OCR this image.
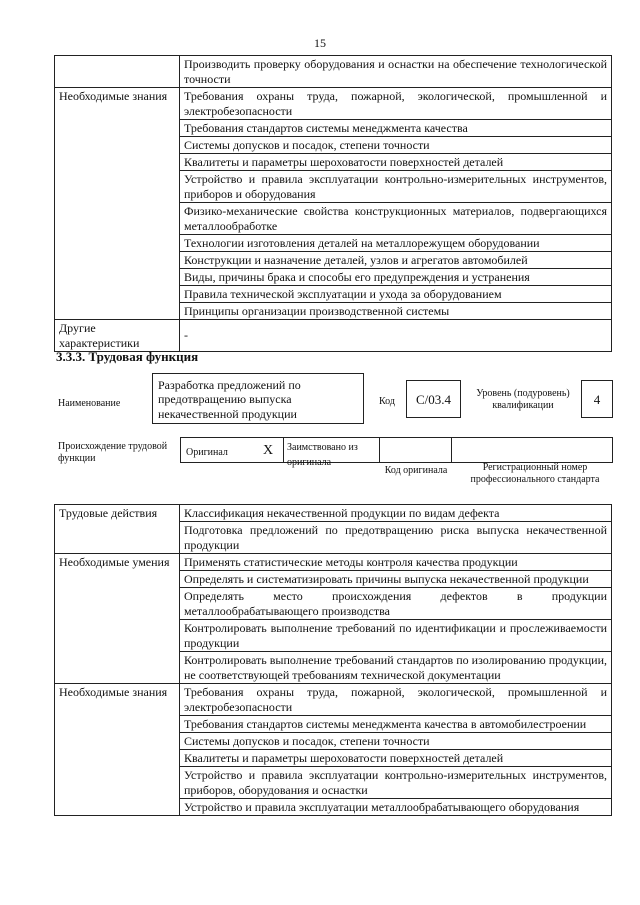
15
	Производить проверку оборудования и оснастки на обеспечение технологической точности
Необходимые знания	Требования охраны труда, пожарной, экологической, промышленной и электробезопасности
	Требования стандартов системы менеджмента качества
	Системы допусков и посадок, степени точности
	Квалитеты и параметры шероховатости поверхностей деталей
	Устройство и правила эксплуатации контрольно-измерительных инструментов, приборов и оборудования
	Физико-механические свойства конструкционных материалов, подвергающихся металлообработке
	Технологии изготовления деталей на металлорежущем оборудовании
	Конструкции и назначение деталей, узлов и агрегатов автомобилей
	Виды, причины брака и способы его предупреждения и устранения
	Правила технической эксплуатации и ухода за оборудованием
	Принципы организации производственной системы
Другие характеристики	-
3.3.3. Трудовая функция
Наименование
Разработка предложений по предотвращению выпуска некачественной продукции
Код	С/03.4	Уровень (подуровень) квалификации	4
Происхождение трудовой функции
Оригинал	X	Заимствовано из оригинала
Код оригинала	Регистрационный номер профессионального стандарта
Трудовые действия	Классификация некачественной продукции по видам дефекта
	Подготовка предложений по предотвращению риска выпуска некачественной продукции
Необходимые умения	Применять статистические методы контроля качества продукции
	Определять и систематизировать причины выпуска некачественной продукции
	Определять место происхождения дефектов в продукции металлообрабатывающего производства
	Контролировать выполнение требований по идентификации и прослеживаемости продукции
	Контролировать выполнение требований стандартов по изолированию продукции, не соответствующей требованиям технической документации
Необходимые знания	Требования охраны труда, пожарной, экологической, промышленной и электробезопасности
	Требования стандартов системы менеджмента качества в автомобилестроении
	Системы допусков и посадок, степени точности
	Квалитеты и параметры шероховатости поверхностей деталей
	Устройство и правила эксплуатации контрольно-измерительных инструментов, приборов, оборудования и оснастки
	Устройство и правила эксплуатации металлообрабатывающего оборудования
